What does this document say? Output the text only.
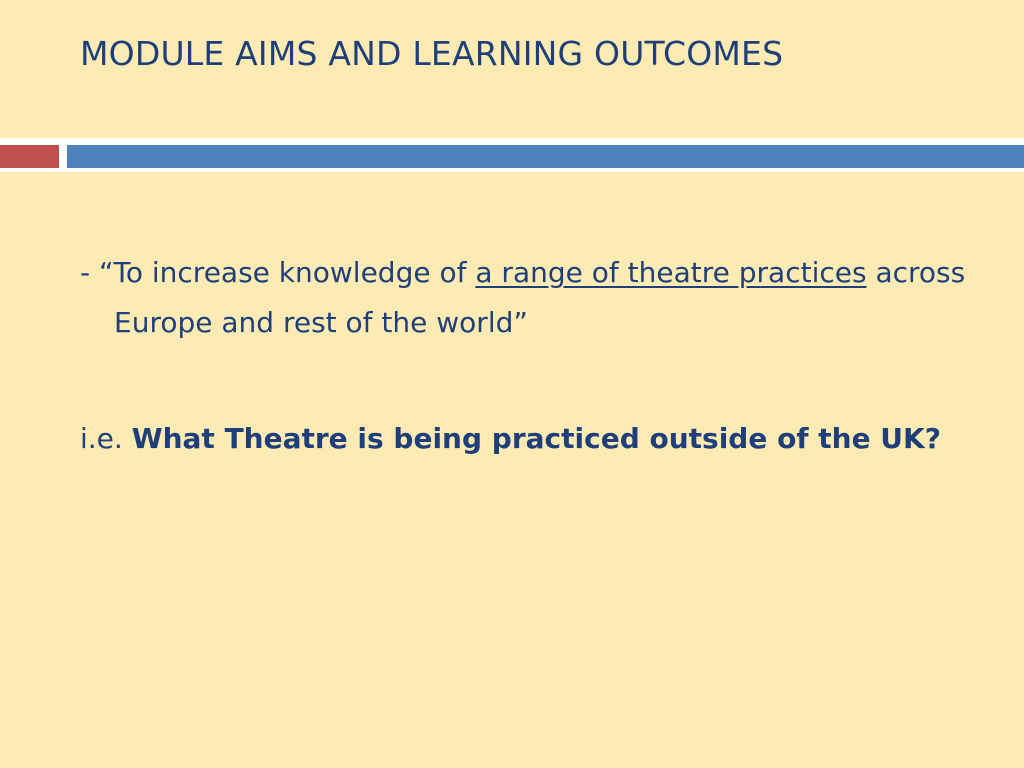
MODULE AIMS AND LEARNING OUTCOMES

- “To increase knowledge of a range of theatre practices across Europe and rest of the world”

i.e. What Theatre is being practiced outside of the UK?
